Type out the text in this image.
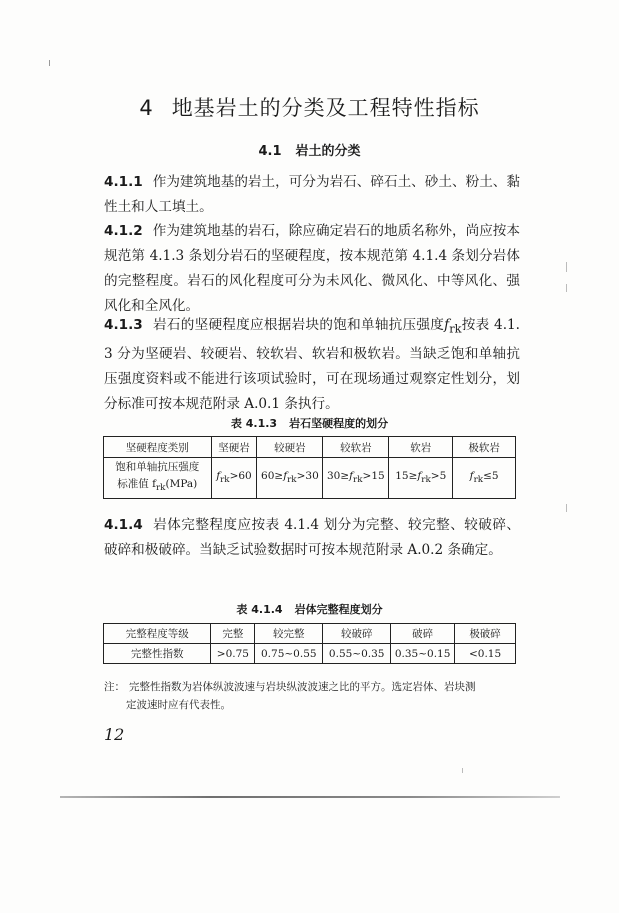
4 地基岩土的分类及工程特性指标
4.1 岩土的分类
4.1.1 作为建筑地基的岩土，可分为岩石、碎石土、砂土、粉土、黏性土和人工填土。
4.1.2 作为建筑地基的岩石，除应确定岩石的地质名称外，尚应按本规范第 4.1.3 条划分岩石的坚硬程度，按本规范第 4.1.4 条划分岩体的完整程度。岩石的风化程度可分为未风化、微风化、中等风化、强风化和全风化。
4.1.3 岩石的坚硬程度应根据岩块的饱和单轴抗压强度$f_{rk}$按表 4.1.3 分为坚硬岩、较硬岩、较软岩、软岩和极软岩。当缺乏饱和单轴抗压强度资料或不能进行该项试验时，可在现场通过观察定性划分，划分标准可按本规范附录 A.0.1 条执行。
表 4.1.3 岩石坚硬程度的划分
坚硬程度类别	坚硬岩	较硬岩	较软岩	软岩	极软岩
饱和单轴抗压强度
标准值 $f_{rk}(MPa)$	$f_{rk}>60$	$60\ge f_{rk}>30$	$30\ge f_{rk}>15$	$15\ge f_{rk}>5$	$f_{rk}\le 5$
4.1.4 岩体完整程度应按表 4.1.4 划分为完整、较完整、较破碎、破碎和极破碎。当缺乏试验数据时可按本规范附录 A.0.2 条确定。
表 4.1.4 岩体完整程度划分
完整程度等级	完整	较完整	较破碎	破碎	极破碎
完整性指数	>0.75	0.75~0.55	0.55~0.35	0.35~0.15	<0.15
注： 完整性指数为岩体纵波波速与岩块纵波波速之比的平方。选定岩体、岩块测
定波速时应有代表性。
12
